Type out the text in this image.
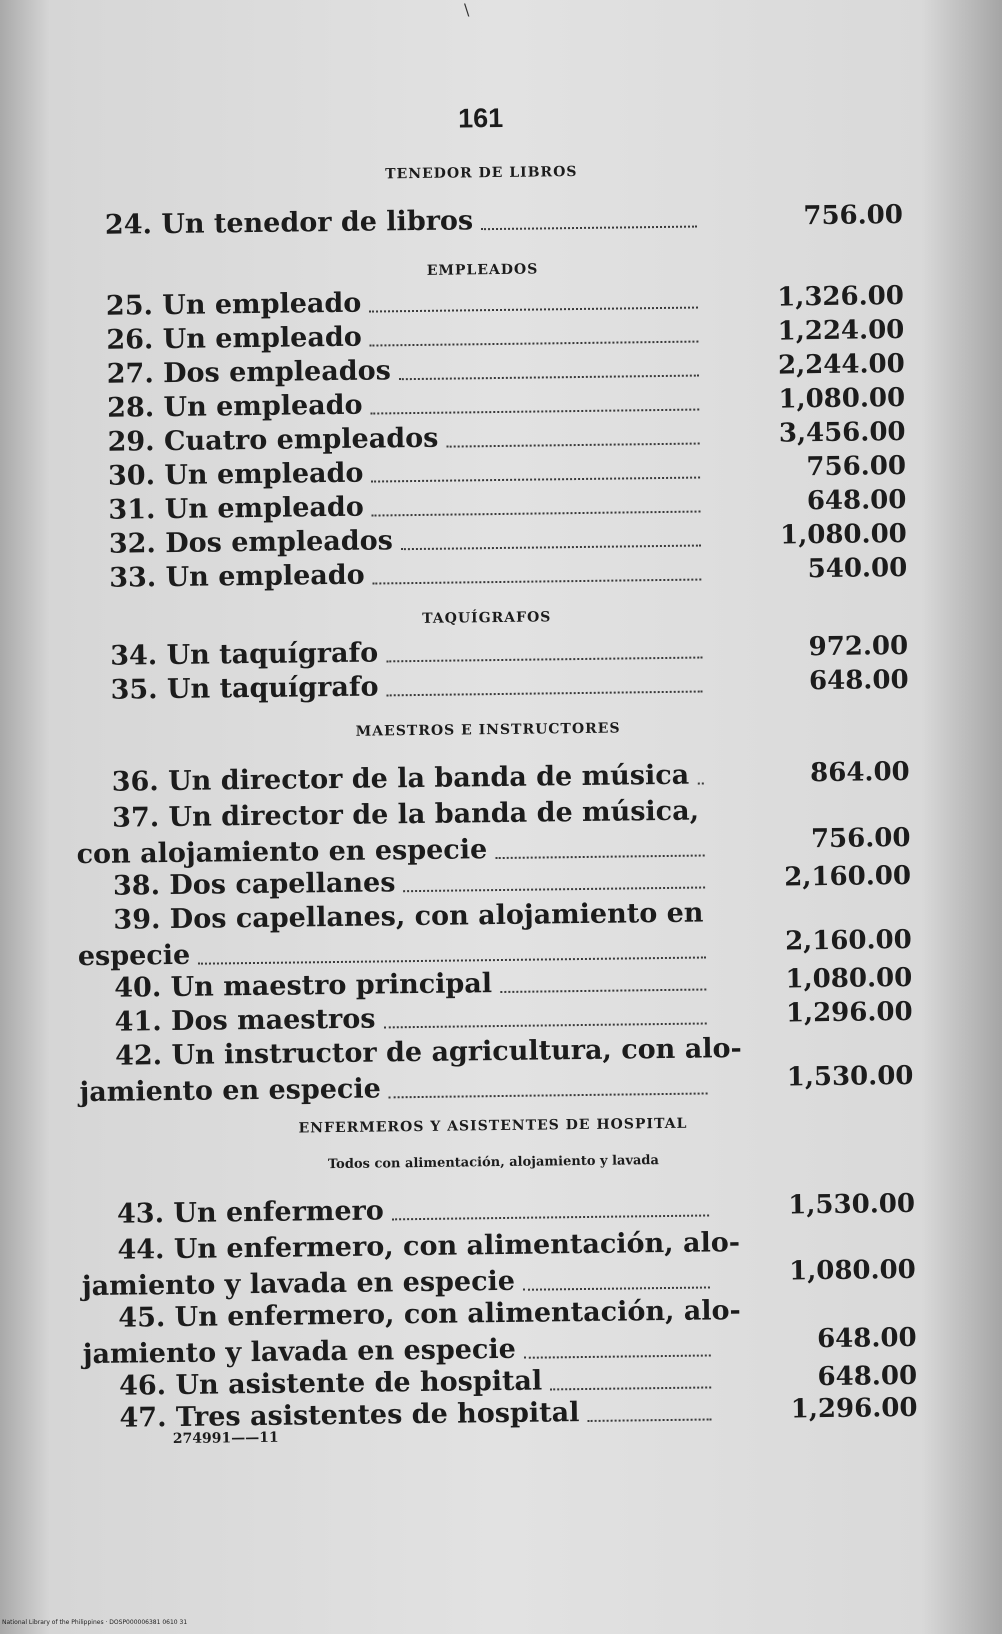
\
161
TENEDOR DE LIBROS
24. Un tenedor de libros	756.00
EMPLEADOS
25. Un empleado	1,326.00
26. Un empleado	1,224.00
27. Dos empleados	2,244.00
28. Un empleado	1,080.00
29. Cuatro empleados	3,456.00
30. Un empleado	756.00
31. Un empleado	648.00
32. Dos empleados	1,080.00
33. Un empleado	540.00
TAQUÍGRAFOS
34. Un taquígrafo	972.00
35. Un taquígrafo	648.00
MAESTROS E INSTRUCTORES
36. Un director de la banda de música	864.00
37. Un director de la banda de música,
con alojamiento en especie	756.00
38. Dos capellanes	2,160.00
39. Dos capellanes, con alojamiento en
especie	2,160.00
40. Un maestro principal	1,080.00
41. Dos maestros	1,296.00
42. Un instructor de agricultura, con alo-
jamiento en especie	1,530.00
ENFERMEROS Y ASISTENTES DE HOSPITAL
Todos con alimentación, alojamiento y lavada
43. Un enfermero	1,530.00
44. Un enfermero, con alimentación, alo-
jamiento y lavada en especie	1,080.00
45. Un enfermero, con alimentación, alo-
jamiento y lavada en especie	648.00
46. Un asistente de hospital	648.00
47. Tres asistentes de hospital	1,296.00
274991——11
National Library of the Philippines · DOSP000006381 0610 31
